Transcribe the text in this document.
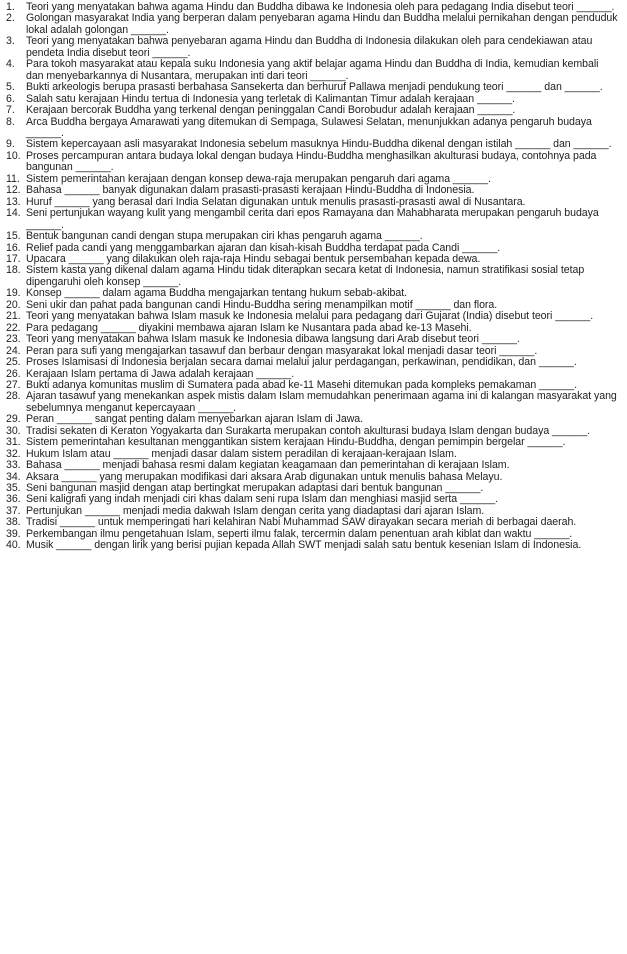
1.	Teori yang menyatakan bahwa agama Hindu dan Buddha dibawa ke Indonesia oleh para pedagang India disebut teori ______.
2.	Golongan masyarakat India yang berperan dalam penyebaran agama Hindu dan Buddha melalui pernikahan dengan penduduk lokal adalah golongan ______.
3.	Teori yang menyatakan bahwa penyebaran agama Hindu dan Buddha di Indonesia dilakukan oleh para cendekiawan atau pendeta India disebut teori ______.
4.	Para tokoh masyarakat atau kepala suku Indonesia yang aktif belajar agama Hindu dan Buddha di India, kemudian kembali dan menyebarkannya di Nusantara, merupakan inti dari teori ______.
5.	Bukti arkeologis berupa prasasti berbahasa Sansekerta dan berhuruf Pallawa menjadi pendukung teori ______ dan ______.
6.	Salah satu kerajaan Hindu tertua di Indonesia yang terletak di Kalimantan Timur adalah kerajaan ______.
7.	Kerajaan bercorak Buddha yang terkenal dengan peninggalan Candi Borobudur adalah kerajaan ______.
8.	Arca Buddha bergaya Amarawati yang ditemukan di Sempaga, Sulawesi Selatan, menunjukkan adanya pengaruh budaya ______.
9.	Sistem kepercayaan asli masyarakat Indonesia sebelum masuknya Hindu-Buddha dikenal dengan istilah ______ dan ______.
10. Proses percampuran antara budaya lokal dengan budaya Hindu-Buddha menghasilkan akulturasi budaya, contohnya pada bangunan ______.
11. Sistem pemerintahan kerajaan dengan konsep dewa-raja merupakan pengaruh dari agama ______.
12. Bahasa ______ banyak digunakan dalam prasasti-prasasti kerajaan Hindu-Buddha di Indonesia.
13. Huruf ______ yang berasal dari India Selatan digunakan untuk menulis prasasti-prasasti awal di Nusantara.
14. Seni pertunjukan wayang kulit yang mengambil cerita dari epos Ramayana dan Mahabharata merupakan pengaruh budaya ______.
15. Bentuk bangunan candi dengan stupa merupakan ciri khas pengaruh agama ______.
16. Relief pada candi yang menggambarkan ajaran dan kisah-kisah Buddha terdapat pada Candi ______.
17. Upacara ______ yang dilakukan oleh raja-raja Hindu sebagai bentuk persembahan kepada dewa.
18. Sistem kasta yang dikenal dalam agama Hindu tidak diterapkan secara ketat di Indonesia, namun stratifikasi sosial tetap dipengaruhi oleh konsep ______.
19. Konsep ______ dalam agama Buddha mengajarkan tentang hukum sebab-akibat.
20. Seni ukir dan pahat pada bangunan candi Hindu-Buddha sering menampilkan motif ______ dan flora.
21. Teori yang menyatakan bahwa Islam masuk ke Indonesia melalui para pedagang dari Gujarat (India) disebut teori ______.
22. Para pedagang ______ diyakini membawa ajaran Islam ke Nusantara pada abad ke-13 Masehi.
23. Teori yang menyatakan bahwa Islam masuk ke Indonesia dibawa langsung dari Arab disebut teori ______.
24. Peran para sufi yang mengajarkan tasawuf dan berbaur dengan masyarakat lokal menjadi dasar teori ______.
25. Proses Islamisasi di Indonesia berjalan secara damai melalui jalur perdagangan, perkawinan, pendidikan, dan ______.
26. Kerajaan Islam pertama di Jawa adalah kerajaan ______.
27. Bukti adanya komunitas muslim di Sumatera pada abad ke-11 Masehi ditemukan pada kompleks pemakaman ______.
28. Ajaran tasawuf yang menekankan aspek mistis dalam Islam memudahkan penerimaan agama ini di kalangan masyarakat yang sebelumnya menganut kepercayaan ______.
29. Peran ______ sangat penting dalam menyebarkan ajaran Islam di Jawa.
30. Tradisi sekaten di Keraton Yogyakarta dan Surakarta merupakan contoh akulturasi budaya Islam dengan budaya ______.
31. Sistem pemerintahan kesultanan menggantikan sistem kerajaan Hindu-Buddha, dengan pemimpin bergelar ______.
32. Hukum Islam atau ______ menjadi dasar dalam sistem peradilan di kerajaan-kerajaan Islam.
33. Bahasa ______ menjadi bahasa resmi dalam kegiatan keagamaan dan pemerintahan di kerajaan Islam.
34. Aksara ______ yang merupakan modifikasi dari aksara Arab digunakan untuk menulis bahasa Melayu.
35. Seni bangunan masjid dengan atap bertingkat merupakan adaptasi dari bentuk bangunan ______.
36. Seni kaligrafi yang indah menjadi ciri khas dalam seni rupa Islam dan menghiasi masjid serta ______.
37. Pertunjukan ______ menjadi media dakwah Islam dengan cerita yang diadaptasi dari ajaran Islam.
38. Tradisi ______ untuk memperingati hari kelahiran Nabi Muhammad SAW dirayakan secara meriah di berbagai daerah.
39. Perkembangan ilmu pengetahuan Islam, seperti ilmu falak, tercermin dalam penentuan arah kiblat dan waktu ______.
40. Musik ______ dengan lirik yang berisi pujian kepada Allah SWT menjadi salah satu bentuk kesenian Islam di Indonesia.
